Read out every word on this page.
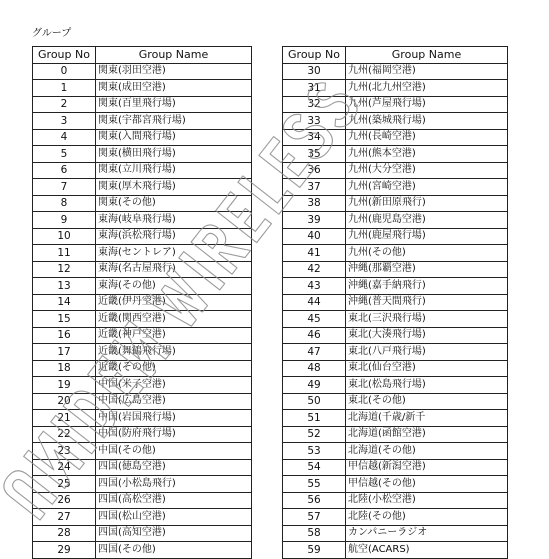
グループ
Group No	Group Name
0	関東(羽田空港)
1	関東(成田空港)
2	関東(百里飛行場)
3	関東(宇都宮飛行場)
4	関東(入間飛行場)
5	関東(横田飛行場)
6	関東(立川飛行場)
7	関東(厚木飛行場)
8	関東(その他)
9	東海(岐阜飛行場)
10	東海(浜松飛行場)
11	東海(セントレア)
12	東海(名古屋飛行)
13	東海(その他)
14	近畿(伊丹空港)
15	近畿(関西空港)
16	近畿(神戸空港)
17	近畿(舞鶴飛行場)
18	近畿(その他)
19	中国(米子空港)
20	中国(広島空港)
21	中国(岩国飛行場)
22	中国(防府飛行場)
23	中国(その他)
24	四国(徳島空港)
25	四国(小松島飛行)
26	四国(高松空港)
27	四国(松山空港)
28	四国(高知空港)
29	四国(その他)
Group No	Group Name
30	九州(福岡空港)
31	九州(北九州空港)
32	九州(芦屋飛行場)
33	九州(築城飛行場)
34	九州(長崎空港)
35	九州(熊本空港)
36	九州(大分空港)
37	九州(宮崎空港)
38	九州(新田原飛行)
39	九州(鹿児島空港)
40	九州(鹿屋飛行場)
41	九州(その他)
42	沖縄(那覇空港)
43	沖縄(嘉手納飛行)
44	沖縄(普天間飛行)
45	東北(三沢飛行場)
46	東北(大湊飛行場)
47	東北(八戸飛行場)
48	東北(仙台空港)
49	東北(松島飛行場)
50	東北(その他)
51	北海道(千歳/新千
52	北海道(函館空港)
53	北海道(その他)
54	甲信越(新潟空港)
55	甲信越(その他)
56	北陸(小松空港)
57	北陸(その他)
58	カンパニーラジオ
59	航空(ACARS)
